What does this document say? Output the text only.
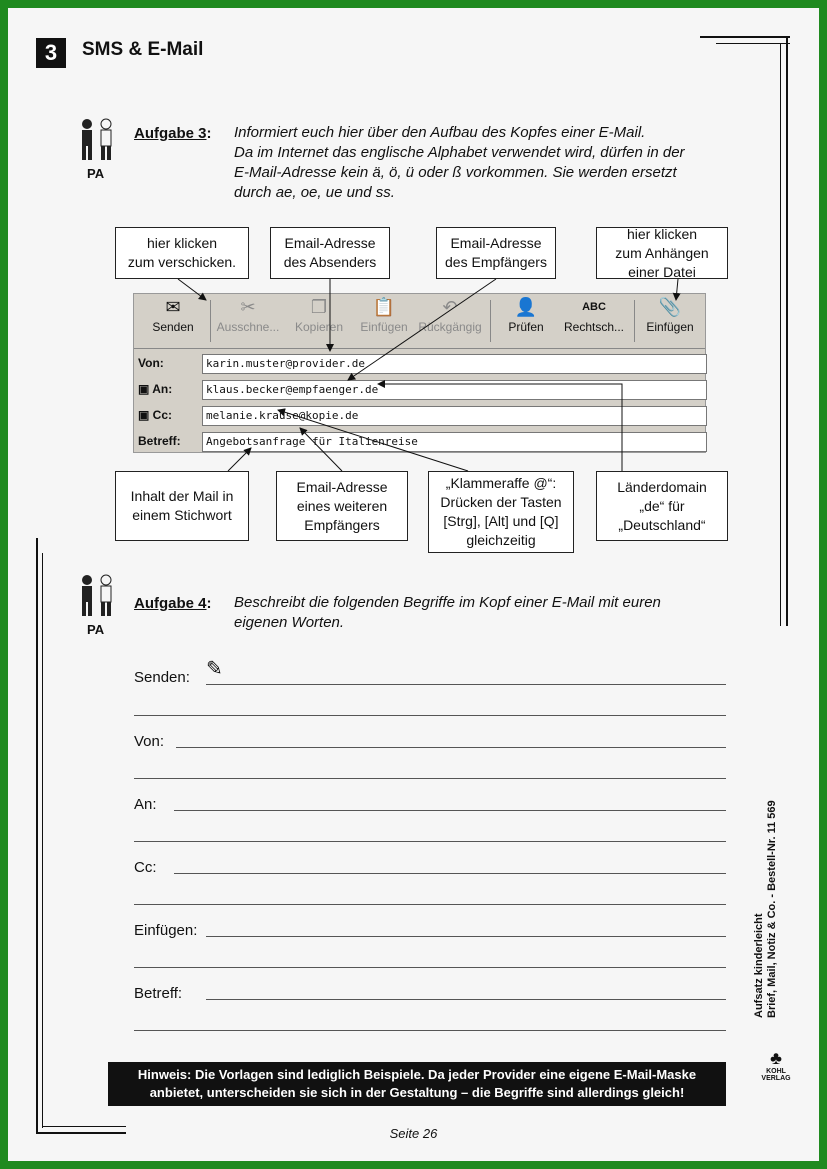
3	SMS & E-Mail
PA
Aufgabe 3: Informiert euch hier über den Aufbau des Kopfes einer E-Mail.
Da im Internet das englische Alphabet verwendet wird, dürfen in der
E-Mail-Adresse kein ä, ö, ü oder ß vorkommen. Sie werden ersetzt
durch ae, oe, ue und ss.
hier klicken
zum verschicken.
Email-Adresse
des Absenders
Email-Adresse
des Empfängers
hier klicken
zum Anhängen
einer Datei
✉
Senden
✂
Ausschne...
❐
Kopieren
📋
Einfügen
↶
Rückgängig
👤
Prüfen
ABC
Rechtsch...
📎
Einfügen
Von:	karin.muster@provider.de
▣ An:	klaus.becker@empfaenger.de
▣ Cc:	melanie.krause@kopie.de
Betreff:	Angebotsanfrage für Italienreise
Inhalt der Mail in
einem Stichwort
Email-Adresse
eines weiteren
Empfängers
„Klammeraffe @“:
Drücken der Tasten
[Strg], [Alt] und [Q]
gleichzeitig
Länderdomain
„de“ für
„Deutschland“
PA
Aufgabe 4: Beschreibt die folgenden Begriffe im Kopf einer E-Mail mit euren
eigenen Worten.
Senden: ✎
Von:
An:
Cc:
Einfügen:
Betreff:
Hinweis: Die Vorlagen sind lediglich Beispiele. Da jeder Provider eine eigene E-Mail-Maske
anbietet, unterscheiden sie sich in der Gestaltung – die Begriffe sind allerdings gleich!
Seite 26
Aufsatz kinderleicht Brief, Mail, Notiz & Co. - Bestell-Nr. 11 569
♣
KOHL VERLAG
